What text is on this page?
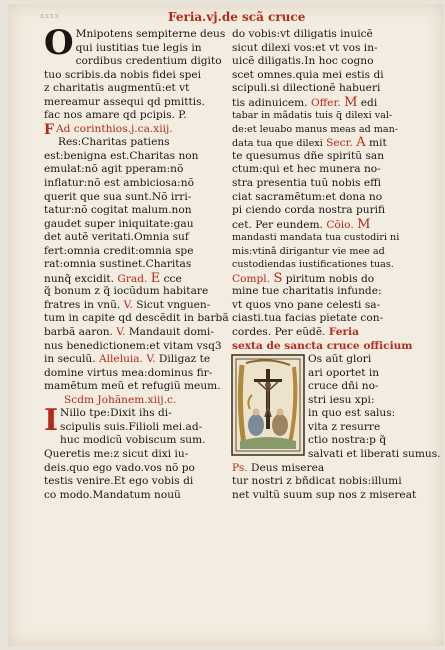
xxxx	Feria.vj.de scã cruce
O Mnipotens sempiterne deus
qui iustitias tue legis in
cordibus credentium digito
tuo scribis.da nobis fidei spei
z charitatis augmentũ:et vt
mereamur assequi qd pmittis.
fac nos amare qd pcipis. P.
F Ad corinthios.j.ca.xiij.
Res:Charitas patiens
est:benigna est.Charitas non
emulat:nõ agit pperam:nõ
inflatur:nõ est ambiciosa:nõ
querit que sua sunt.Nõ irri-
tatur:nõ cogitat malum.non
gaudet super iniquitate:gau
det autẽ veritati.Omnia suf
fert:omnia credit:omnia spe
rat:omnia sustinet.Charitas
nunq̃ excidit. Grad. E cce
q̃ bonum z q̃ iocũdum habitare
fratres in vnũ. V. Sicut vnguen-
tum in capite qd descẽdit in barbã
barbã aaron. V. Mandauit domi-
nus benedictionem:et vitam vsq3
in seculũ. Alleluia. V. Diligaz te
domine virtus mea:dominus fir-
mamẽtum meũ et refugiũ meum.
Scdm Johãnem.xiij.c.
I Nillo tpe:Dixit ihs di-
scipulis suis.Filioli mei.ad-
huc modicũ vobiscum sum.
Queretis me:z sicut dixi iu-
deis.quo ego vado.vos nõ po
testis venire.Et ego vobis di
co modo.Mandatum nouũ
do vobis:vt diligatis inuicẽ
sicut dilexi vos:et vt vos in-
uicẽ diligatis.In hoc cogno
scet omnes.quia mei estis di
scipuli.si dilectionẽ habueri
tis adinuicem. Offer. M edi
tabar in mãdatis tuis q̃ dilexi val-
de:et leuabo manus meas ad man-
data tua que dilexi Secr. A mit
te quesumus dñe spiritũ san
ctum:qui et hec munera no-
stra presentia tuũ nobis effi
ciat sacramẽtum:et dona no
pi ciendo corda nostra purifi
cet. Per eundem. Cõio. M
mandasti mandata tua custodiri ni
mis:vtinã dirigantur vie mee ad
custodiendas iustificationes tuas.
Compl. S piritum nobis do
mine tue charitatis infunde:
vt quos vno pane celesti sa-
ciasti.tua facias pietate con-
cordes. Per eũdẽ. Feria
sexta de sancta cruce officium
Os aũt glori
ari oportet in
cruce dñi no-
stri iesu xpi:
in quo est salus:
vita z resurre
ctio nostra:p q̃
salvati et liberati sumus.
Ps. Deus miserea
tur nostri z bñdicat nobis:illumi
net vultũ suum sup nos z misereat
